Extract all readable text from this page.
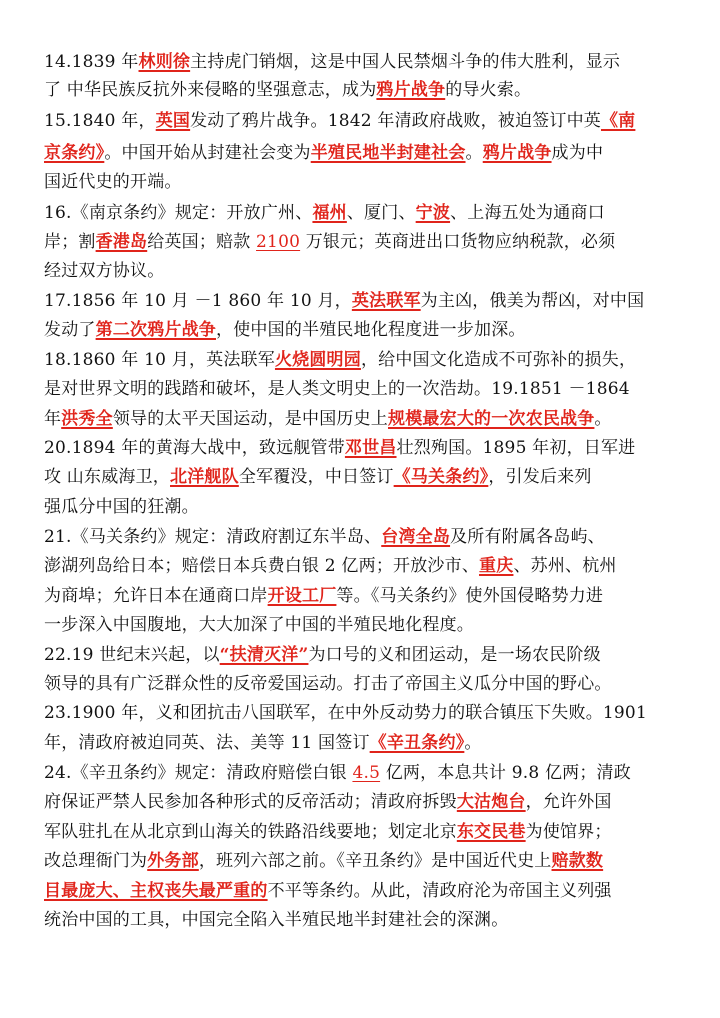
14.1839 年林则徐主持虎门销烟，这是中国人民禁烟斗争的伟大胜利，显示
了 中华民族反抗外来侵略的坚强意志，成为鸦片战争的导火索。
15.1840 年，英国发动了鸦片战争。1842 年清政府战败，被迫签订中英《南
京条约》。中国开始从封建社会变为半殖民地半封建社会。鸦片战争成为中
国近代史的开端。
16.《南京条约》规定：开放广州、福州、厦门、宁波、上海五处为通商口
岸；割香港岛给英国；赔款 2100 万银元；英商进出口货物应纳税款，必须
经过双方协议。
17.1856 年 10 月 －1 860 年 10 月，英法联军为主凶，俄美为帮凶，对中国
发动了第二次鸦片战争，使中国的半殖民地化程度进一步加深。
18.1860 年 10 月，英法联军火烧圆明园，给中国文化造成不可弥补的损失，
是对世界文明的践踏和破坏，是人类文明史上的一次浩劫。19.1851 －1864
年洪秀全领导的太平天国运动，是中国历史上规模最宏大的一次农民战争。
20.1894 年的黄海大战中，致远舰管带邓世昌壮烈殉国。1895 年初，日军进
攻 山东威海卫，北洋舰队全军覆没，中日签订《马关条约》，引发后来列
强瓜分中国的狂潮。
21.《马关条约》规定：清政府割辽东半岛、台湾全岛及所有附属各岛屿、
澎湖列岛给日本；赔偿日本兵费白银 2 亿两；开放沙市、重庆、苏州、杭州
为商埠；允许日本在通商口岸开设工厂等。《马关条约》使外国侵略势力进
一步深入中国腹地，大大加深了中国的半殖民地化程度。
22.19 世纪末兴起，以“扶清灭洋”为口号的义和团运动，是一场农民阶级
领导的具有广泛群众性的反帝爱国运动。打击了帝国主义瓜分中国的野心。
23.1900 年，义和团抗击八国联军，在中外反动势力的联合镇压下失败。1901
年，清政府被迫同英、法、美等 11 国签订《辛丑条约》。
24.《辛丑条约》规定：清政府赔偿白银 4.5 亿两，本息共计 9.8 亿两；清政
府保证严禁人民参加各种形式的反帝活动；清政府拆毁大沽炮台，允许外国
军队驻扎在从北京到山海关的铁路沿线要地；划定北京东交民巷为使馆界；
改总理衙门为外务部，班列六部之前。《辛丑条约》是中国近代史上赔款数
目最庞大、主权丧失最严重的不平等条约。从此，清政府沦为帝国主义列强
统治中国的工具，中国完全陷入半殖民地半封建社会的深渊。
